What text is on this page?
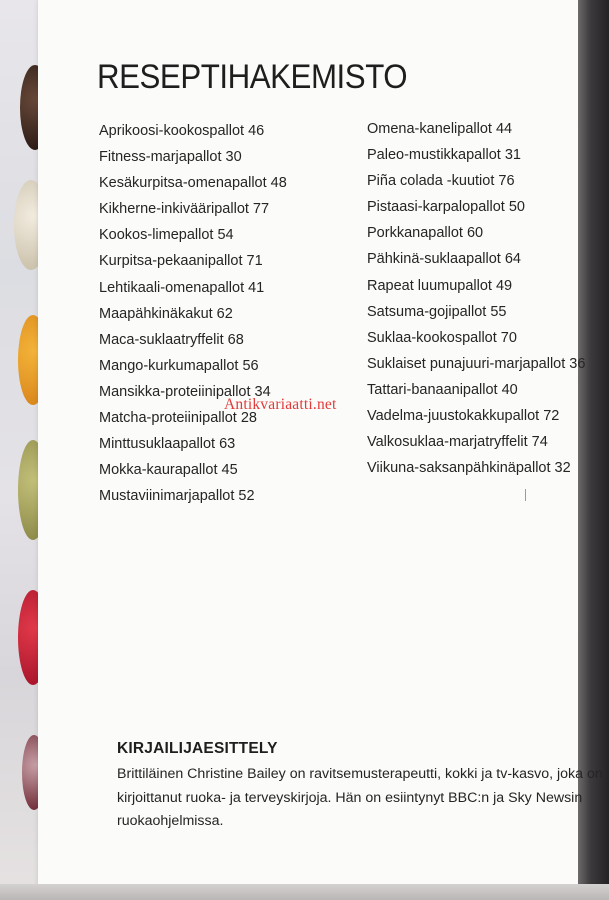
RESEPTIHAKEMISTO
Aprikoosi-kookospallot 46
Fitness-marjapallot 30
Kesäkurpitsa-omenapallot 48
Kikherne-inkivääripallot 77
Kookos-limepallot 54
Kurpitsa-pekaanipallot 71
Lehtikaali-omenapallot 41
Maapähkinäkakut 62
Maca-suklaatryffelit 68
Mango-kurkumapallot 56
Mansikka-proteiinipallot 34
Matcha-proteiinipallot 28
Minttusuklaapallot 63
Mokka-kaurapallot 45
Mustaviinimarjapallot 52
Omena-kanelipallot 44
Paleo-mustikkapallot 31
Piña colada -kuutiot 76
Pistaasi-karpalopallot 50
Porkkanapallot 60
Pähkinä-suklaapallot 64
Rapeat luumupallot 49
Satsuma-gojipallot 55
Suklaa-kookospallot 70
Suklaiset punajuuri-marjapallot 36
Tattari-banaanipallot 40
Vadelma-juustokakkupallot 72
Valkosuklaa-marjatryffelit 74
Viikuna-saksanpähkinäpallot 32
KIRJAILIJAESITTELY

Brittiläinen Christine Bailey on ravitsemusterapeutti, kokki ja tv-kasvo, joka on kirjoittanut ruoka- ja terveyskirjoja. Hän on esiintynyt BBC:n ja Sky Newsin ruokaohjelmissa.

Antikvariaatti.net
